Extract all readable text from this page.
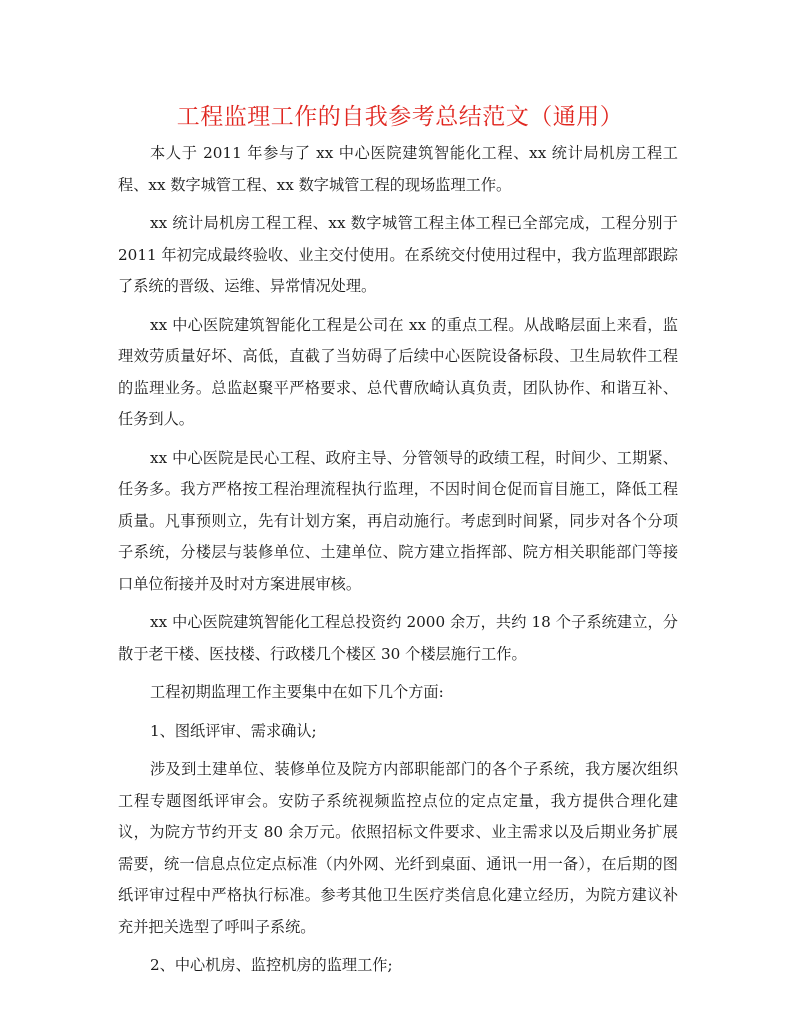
工程监理工作的自我参考总结范文（通用）

本人于 2011 年参与了 xx 中心医院建筑智能化工程、xx 统计局机房工程工程、xx 数字城管工程、xx 数字城管工程的现场监理工作。

xx 统计局机房工程工程、xx 数字城管工程主体工程已全部完成，工程分别于 2011 年初完成最终验收、业主交付使用。在系统交付使用过程中，我方监理部跟踪了系统的晋级、运维、异常情况处理。

xx 中心医院建筑智能化工程是公司在 xx 的重点工程。从战略层面上来看，监理效劳质量好坏、高低，直截了当妨碍了后续中心医院设备标段、卫生局软件工程的监理业务。总监赵聚平严格要求、总代曹欣崎认真负责，团队协作、和谐互补、任务到人。

xx 中心医院是民心工程、政府主导、分管领导的政绩工程，时间少、工期紧、任务多。我方严格按工程治理流程执行监理，不因时间仓促而盲目施工，降低工程质量。凡事预则立，先有计划方案，再启动施行。考虑到时间紧，同步对各个分项子系统，分楼层与装修单位、土建单位、院方建立指挥部、院方相关职能部门等接口单位衔接并及时对方案进展审核。

xx 中心医院建筑智能化工程总投资约 2000 余万，共约 18 个子系统建立，分散于老干楼、医技楼、行政楼几个楼区 30 个楼层施行工作。

工程初期监理工作主要集中在如下几个方面:

1、图纸评审、需求确认;

涉及到土建单位、装修单位及院方内部职能部门的各个子系统，我方屡次组织工程专题图纸评审会。安防子系统视频监控点位的定点定量，我方提供合理化建议，为院方节约开支 80 余万元。依照招标文件要求、业主需求以及后期业务扩展需要，统一信息点位定点标准（内外网、光纤到桌面、通讯一用一备），在后期的图纸评审过程中严格执行标准。参考其他卫生医疗类信息化建立经历，为院方建议补充并把关选型了呼叫子系统。

2、中心机房、监控机房的监理工作;
